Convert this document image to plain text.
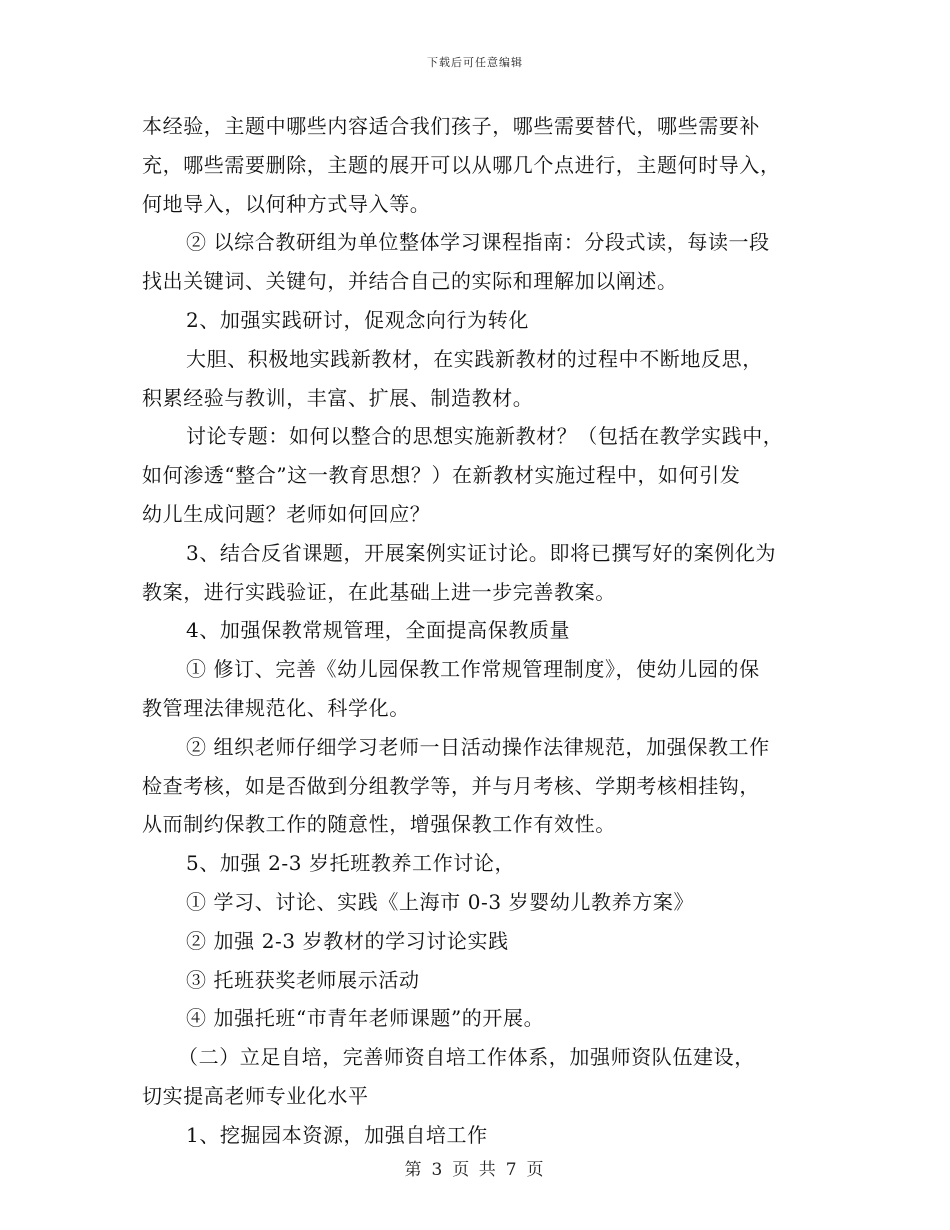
下载后可任意编辑
本经验，主题中哪些内容适合我们孩子，哪些需要替代，哪些需要补
充，哪些需要删除，主题的展开可以从哪几个点进行，主题何时导入，
何地导入，以何种方式导入等。
② 以综合教研组为单位整体学习课程指南：分段式读，每读一段
找出关键词、关键句，并结合自己的实际和理解加以阐述。
2、加强实践研讨，促观念向行为转化
大胆、积极地实践新教材，在实践新教材的过程中不断地反思，
积累经验与教训，丰富、扩展、制造教材。
讨论专题：如何以整合的思想实施新教材？（包括在教学实践中，
如何渗透“整合”这一教育思想？）在新教材实施过程中，如何引发
幼儿生成问题？老师如何回应？
3、结合反省课题，开展案例实证讨论。即将已撰写好的案例化为
教案，进行实践验证，在此基础上进一步完善教案。
4、加强保教常规管理，全面提高保教质量
① 修订、完善《幼儿园保教工作常规管理制度》，使幼儿园的保
教管理法律规范化、科学化。
② 组织老师仔细学习老师一日活动操作法律规范，加强保教工作
检查考核，如是否做到分组教学等，并与月考核、学期考核相挂钩，
从而制约保教工作的随意性，增强保教工作有效性。
5、加强 2-3 岁托班教养工作讨论，
① 学习、讨论、实践《上海市 0-3 岁婴幼儿教养方案》
② 加强 2-3 岁教材的学习讨论实践
③ 托班获奖老师展示活动
④ 加强托班“市青年老师课题”的开展。
（二）立足自培，完善师资自培工作体系，加强师资队伍建设，
切实提高老师专业化水平
1、挖掘园本资源，加强自培工作
第 3 页 共 7 页
